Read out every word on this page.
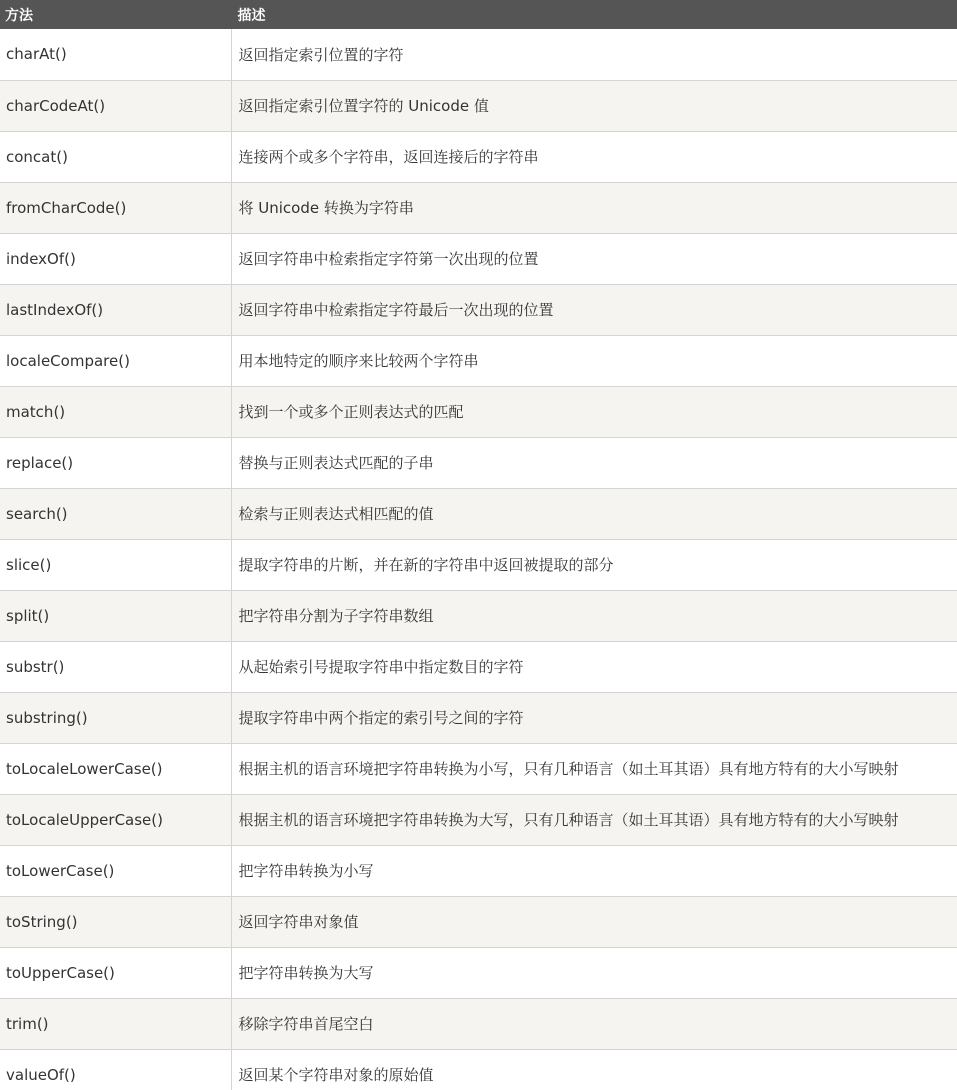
方法	描述
charAt()	返回指定索引位置的字符
charCodeAt()	返回指定索引位置字符的 Unicode 值
concat()	连接两个或多个字符串，返回连接后的字符串
fromCharCode()	将 Unicode 转换为字符串
indexOf()	返回字符串中检索指定字符第一次出现的位置
lastIndexOf()	返回字符串中检索指定字符最后一次出现的位置
localeCompare()	用本地特定的顺序来比较两个字符串
match()	找到一个或多个正则表达式的匹配
replace()	替换与正则表达式匹配的子串
search()	检索与正则表达式相匹配的值
slice()	提取字符串的片断，并在新的字符串中返回被提取的部分
split()	把字符串分割为子字符串数组
substr()	从起始索引号提取字符串中指定数目的字符
substring()	提取字符串中两个指定的索引号之间的字符
toLocaleLowerCase()	根据主机的语言环境把字符串转换为小写，只有几种语言（如土耳其语）具有地方特有的大小写映射
toLocaleUpperCase()	根据主机的语言环境把字符串转换为大写，只有几种语言（如土耳其语）具有地方特有的大小写映射
toLowerCase()	把字符串转换为小写
toString()	返回字符串对象值
toUpperCase()	把字符串转换为大写
trim()	移除字符串首尾空白
valueOf()	返回某个字符串对象的原始值
